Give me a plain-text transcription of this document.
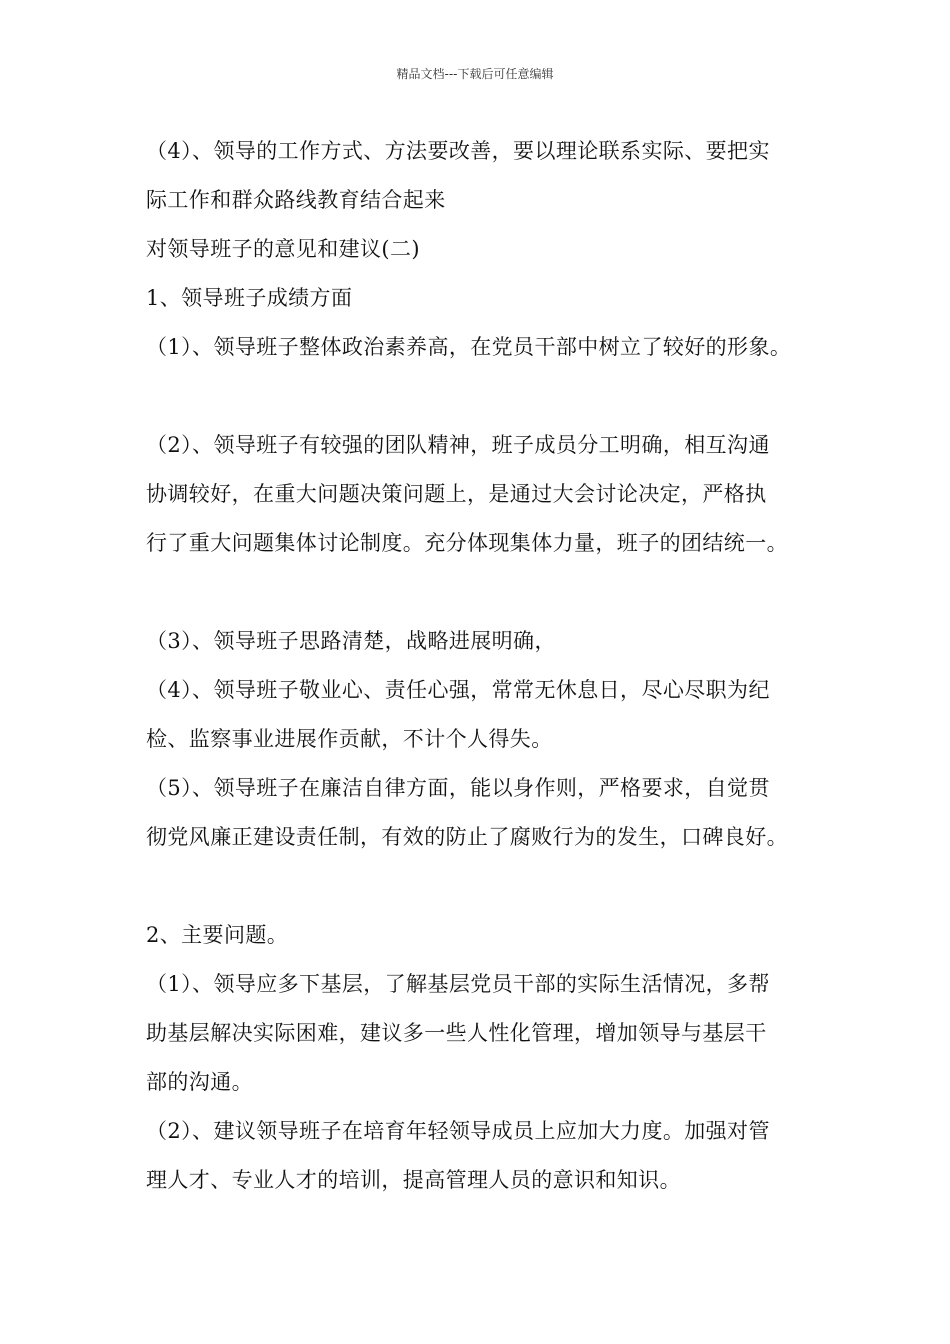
精品文档---下载后可任意编辑
（4）、领导的工作方式、方法要改善，要以理论联系实际、要把实
际工作和群众路线教育结合起来
对领导班子的意见和建议(二)
1、领导班子成绩方面
（1）、领导班子整体政治素养高，在党员干部中树立了较好的形象。
（2）、领导班子有较强的团队精神，班子成员分工明确，相互沟通
协调较好，在重大问题决策问题上，是通过大会讨论决定，严格执
行了重大问题集体讨论制度。充分体现集体力量，班子的团结统一。
（3）、领导班子思路清楚，战略进展明确，
（4）、领导班子敬业心、责任心强，常常无休息日，尽心尽职为纪
检、监察事业进展作贡献，不计个人得失。
（5）、领导班子在廉洁自律方面，能以身作则，严格要求，自觉贯
彻党风廉正建设责任制，有效的防止了腐败行为的发生，口碑良好。
2、主要问题。
（1）、领导应多下基层，了解基层党员干部的实际生活情况，多帮
助基层解决实际困难，建议多一些人性化管理，增加领导与基层干
部的沟通。
（2）、建议领导班子在培育年轻领导成员上应加大力度。加强对管
理人才、专业人才的培训，提高管理人员的意识和知识。
